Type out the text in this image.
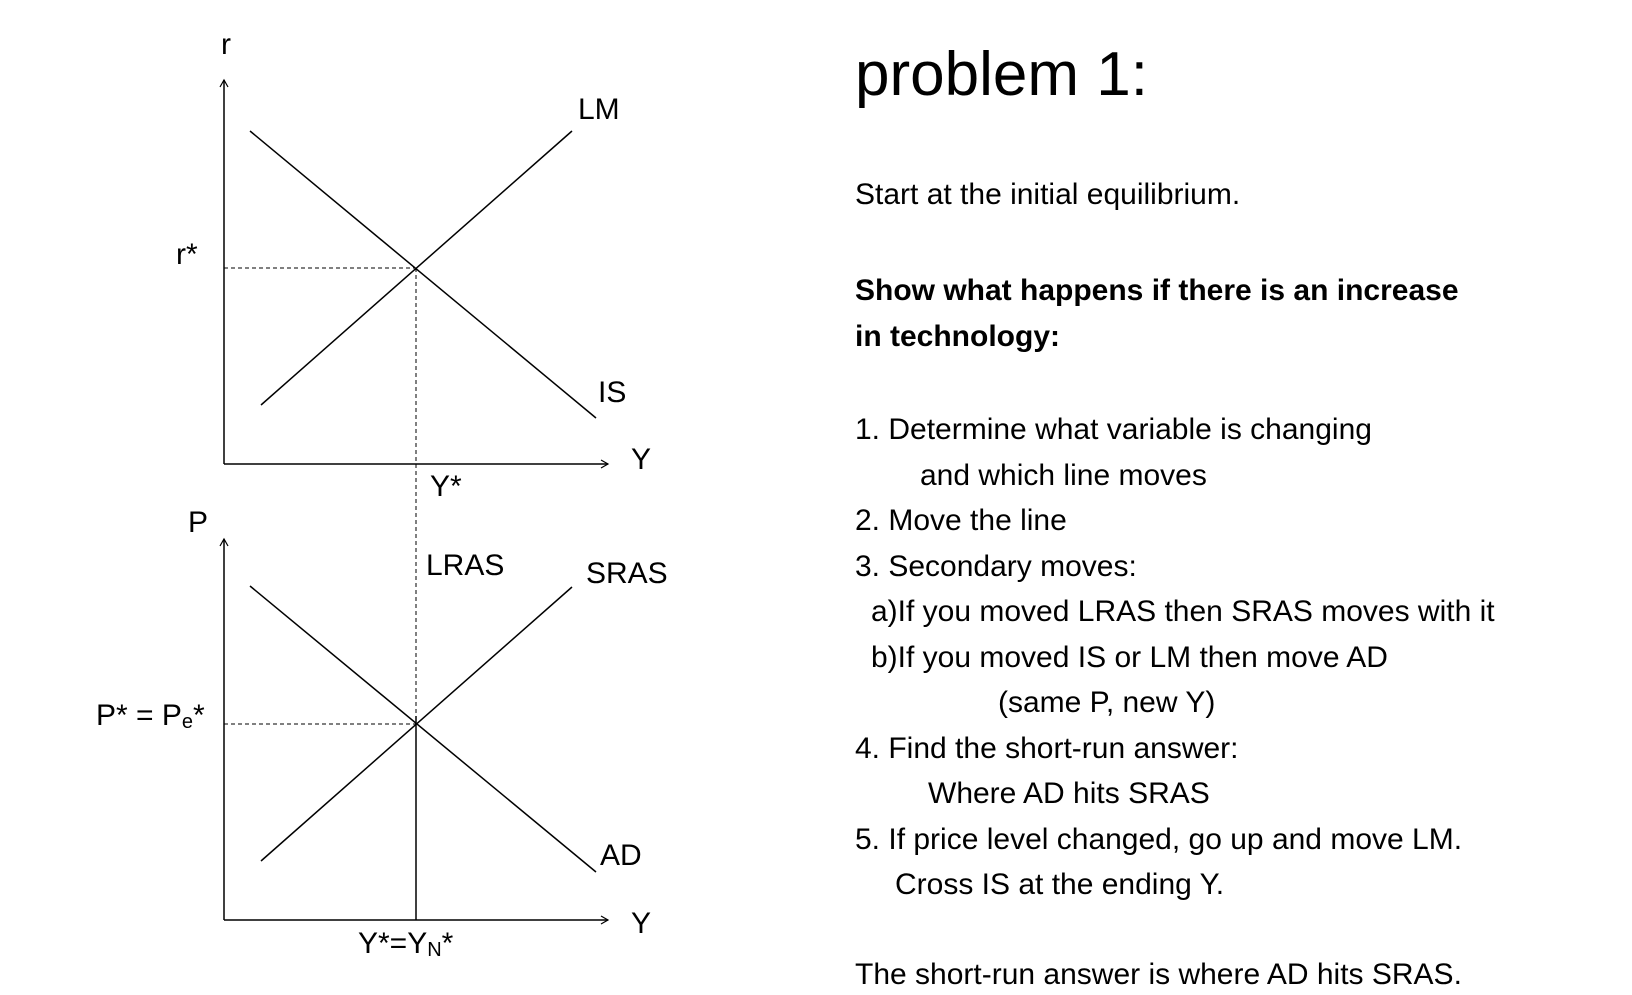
r
Y
LM
IS
r*
Y*
P
Y
LRAS	SRAS
AD
P* = Pe*
Y*=YN*
problem 1:
Start at the initial equilibrium.
Show what happens if there is an increase
in technology:
1. Determine what variable is changing
and which line moves
2. Move the line
3. Secondary moves:
a)If you moved LRAS then SRAS moves with it
b)If you moved IS or LM then move AD
(same P, new Y)
4. Find the short-run answer:
Where AD hits SRAS
5. If price level changed, go up and move LM.
Cross IS at the ending Y.
The short-run answer is where AD hits SRAS.
